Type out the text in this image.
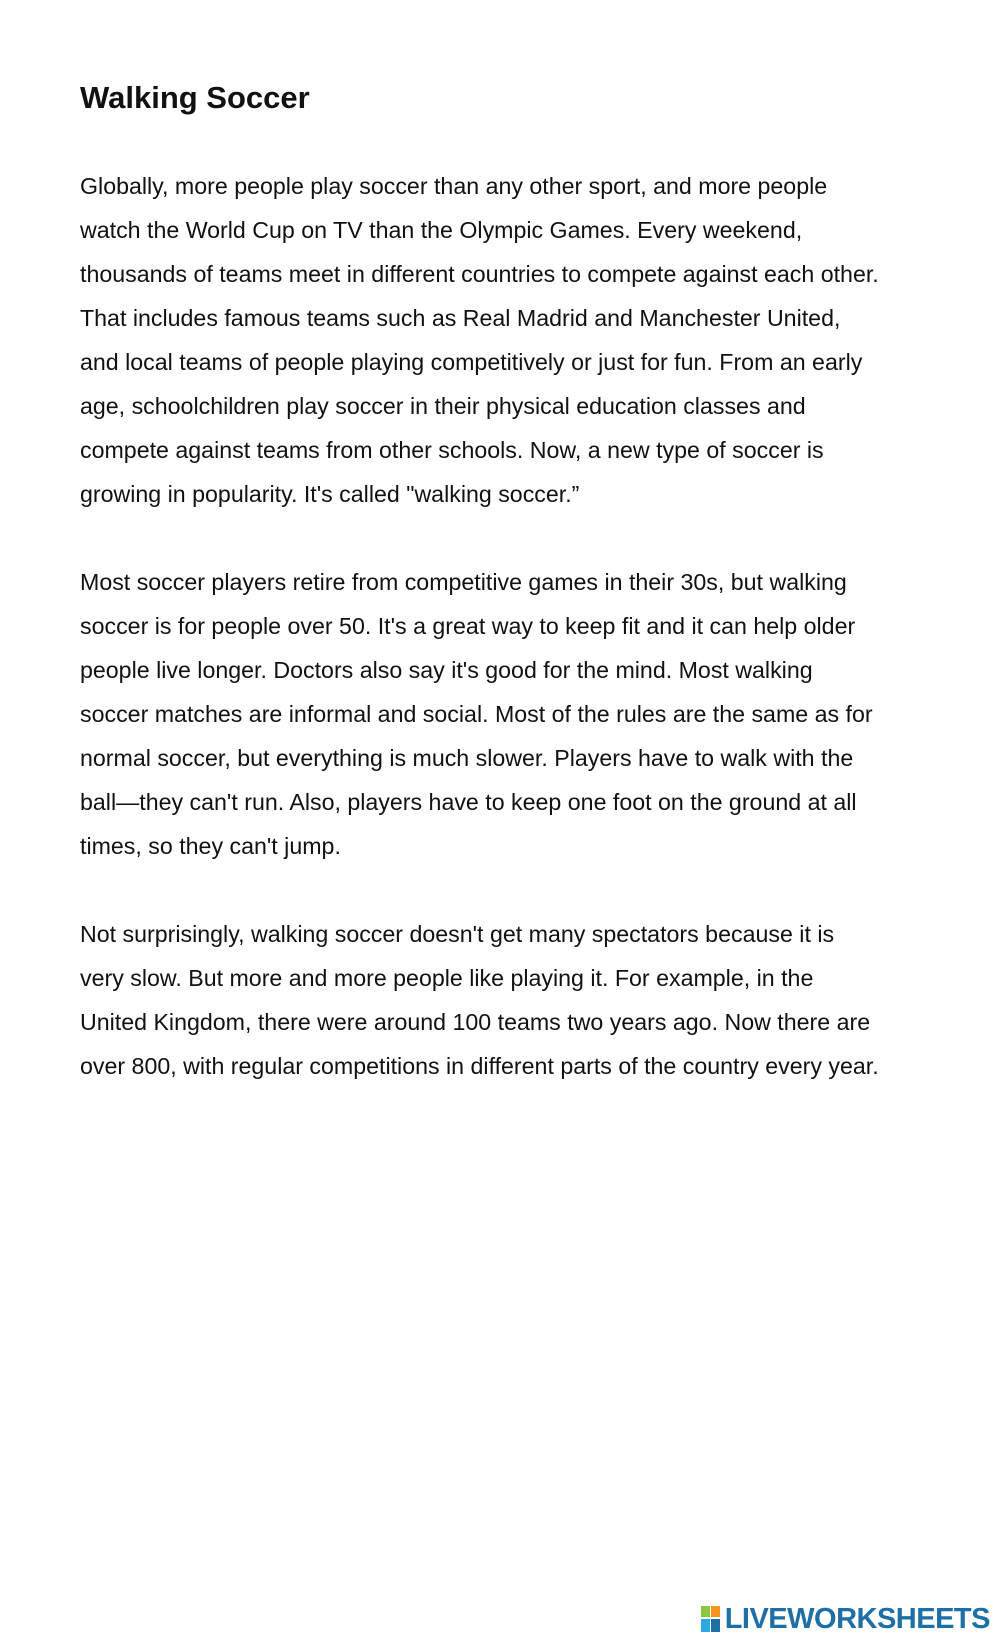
Walking Soccer

Globally, more people play soccer than any other sport, and more people
watch the World Cup on TV than the Olympic Games. Every weekend,
thousands of teams meet in different countries to compete against each other.
That includes famous teams such as Real Madrid and Manchester United,
and local teams of people playing competitively or just for fun. From an early
age, schoolchildren play soccer in their physical education classes and
compete against teams from other schools. Now, a new type of soccer is
growing in popularity. It's called "walking soccer.”

Most soccer players retire from competitive games in their 30s, but walking
soccer is for people over 50. It's a great way to keep fit and it can help older
people live longer. Doctors also say it's good for the mind. Most walking
soccer matches are informal and social. Most of the rules are the same as for
normal soccer, but everything is much slower. Players have to walk with the
ball—they can't run. Also, players have to keep one foot on the ground at all
times, so they can't jump.

Not surprisingly, walking soccer doesn't get many spectators because it is
very slow. But more and more people like playing it. For example, in the
United Kingdom, there were around 100 teams two years ago. Now there are
over 800, with regular competitions in different parts of the country every year.

LIVEWORKSHEETS
